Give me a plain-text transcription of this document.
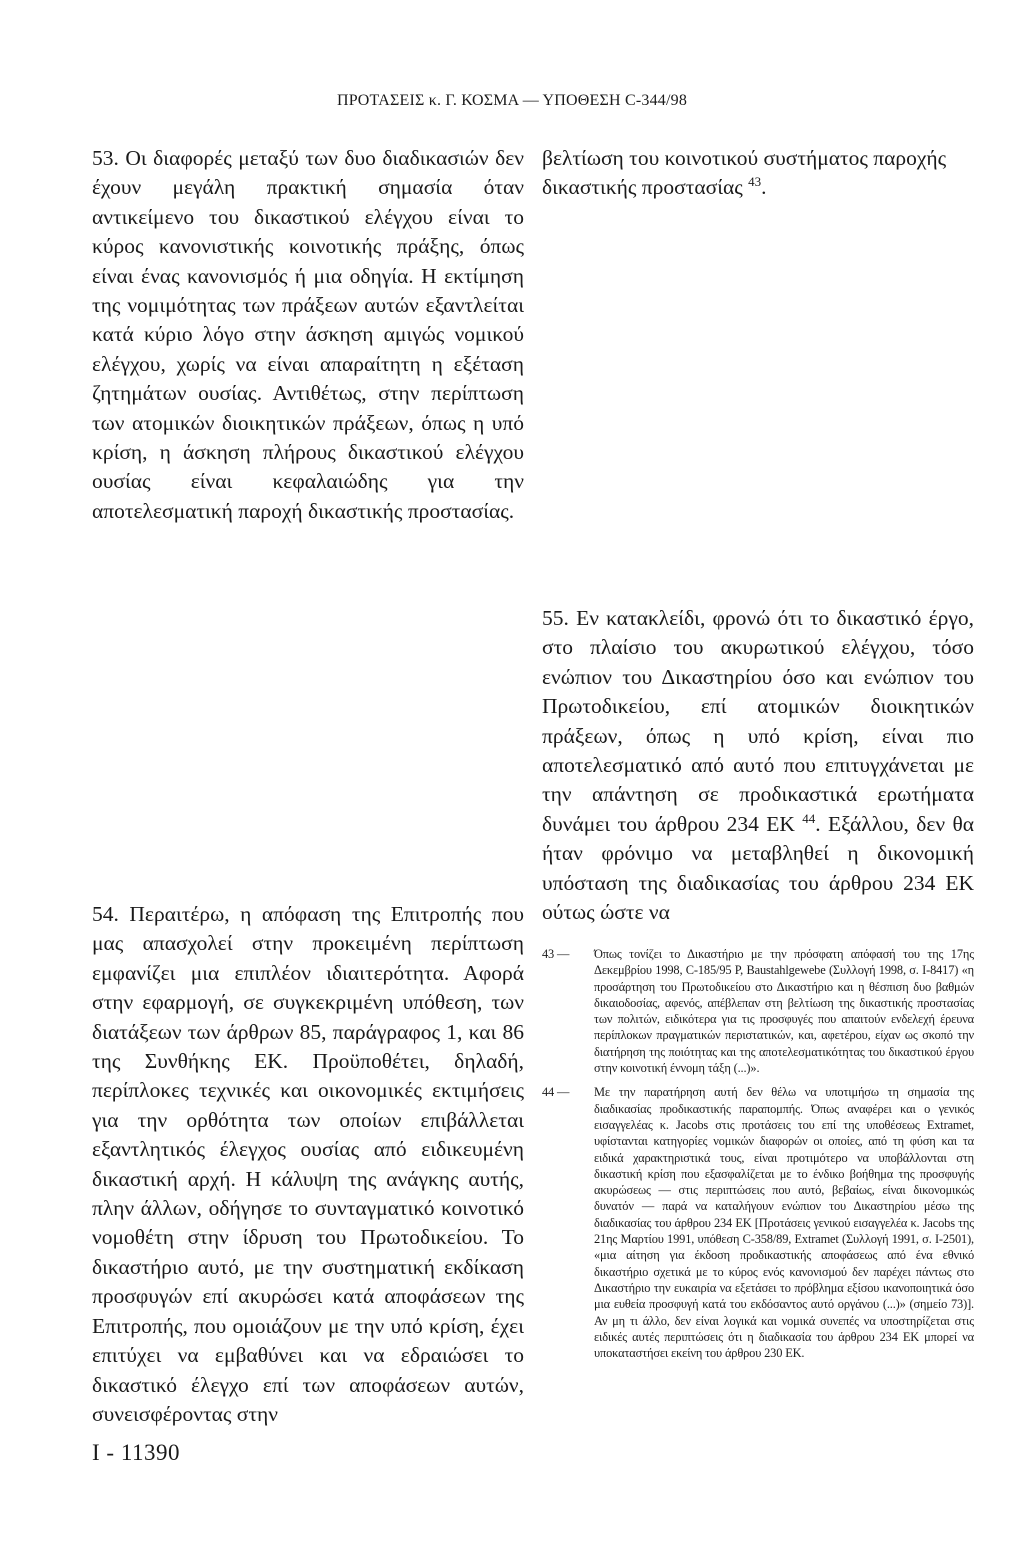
ΠΡΟΤΑΣΕΙΣ κ. Γ. ΚΟΣΜΑ — ΥΠΟΘΕΣΗ C-344/98

53. Οι διαφορές μεταξύ των δυο διαδικασιών δεν έχουν μεγάλη πρακτική σημασία όταν αντικείμενο του δικαστικού ελέγχου είναι το κύρος κανονιστικής κοινοτικής πράξης, όπως είναι ένας κανονισμός ή μια οδηγία. Η εκτίμηση της νομιμότητας των πράξεων αυτών εξαντλείται κατά κύριο λόγο στην άσκηση αμιγώς νομικού ελέγχου, χωρίς να είναι απαραίτητη η εξέταση ζητημάτων ουσίας. Αντιθέτως, στην περίπτωση των ατομικών διοικητικών πράξεων, όπως η υπό κρίση, η άσκηση πλήρους δικαστικού ελέγχου ουσίας είναι κεφαλαιώδης για την αποτελεσματική παροχή δικαστικής προστασίας.

54. Περαιτέρω, η απόφαση της Επιτροπής που μας απασχολεί στην προκειμένη περίπτωση εμφανίζει μια επιπλέον ιδιαιτερότητα. Αφορά στην εφαρμογή, σε συγκεκριμένη υπόθεση, των διατάξεων των άρθρων 85, παράγραφος 1, και 86 της Συνθήκης ΕΚ. Προϋποθέτει, δηλαδή, περίπλοκες τεχνικές και οικονομικές εκτιμήσεις για την ορθότητα των οποίων επιβάλλεται εξαντλητικός έλεγχος ουσίας από ειδικευμένη δικαστική αρχή. Η κάλυψη της ανάγκης αυτής, πλην άλλων, οδήγησε το συνταγματικό κοινοτικό νομοθέτη στην ίδρυση του Πρωτοδικείου. Το δικαστήριο αυτό, με την συστηματική εκδίκαση προσφυγών επί ακυρώσει κατά αποφάσεων της Επιτροπής, που ομοιάζουν με την υπό κρίση, έχει επιτύχει να εμβαθύνει και να εδραιώσει το δικαστικό έλεγχο επί των αποφάσεων αυτών, συνεισφέροντας στην

βελτίωση του κοινοτικού συστήματος παροχής δικαστικής προστασίας $^{43}$.

55. Εν κατακλείδι, φρονώ ότι το δικαστικό έργο, στο πλαίσιο του ακυρωτικού ελέγχου, τόσο ενώπιον του Δικαστηρίου όσο και ενώπιον του Πρωτοδικείου, επί ατομικών διοικητικών πράξεων, όπως η υπό κρίση, είναι πιο αποτελεσματικό από αυτό που επιτυγχάνεται με την απάντηση σε προδικαστικά ερωτήματα δυνάμει του άρθρου 234 ΕΚ $^{44}$. Εξάλλου, δεν θα ήταν φρόνιμο να μεταβληθεί η δικονομική υπόσταση της διαδικασίας του άρθρου 234 ΕΚ ούτως ώστε να

43 —	Όπως τονίζει το Δικαστήριο με την πρόσφατη απόφασή του της 17ης Δεκεμβρίου 1998, C-185/95 P, Baustahlgewebe (Συλλογή 1998, σ. I-8417) «η προσάρτηση του Πρωτοδικείου στο Δικαστήριο και η θέσπιση δυο βαθμών δικαιοδοσίας, αφενός, απέβλεπαν στη βελτίωση της δικαστικής προστασίας των πολιτών, ειδικότερα για τις προσφυγές που απαιτούν ενδελεχή έρευνα περίπλοκων πραγματικών περιστατικών, και, αφετέρου, είχαν ως σκοπό την διατήρηση της ποιότητας και της αποτελεσματικότητας του δικαστικού έργου στην κοινοτική έννομη τάξη (...)».
44 —	Με την παρατήρηση αυτή δεν θέλω να υποτιμήσω τη σημασία της διαδικασίας προδικαστικής παραπομπής. Όπως αναφέρει και ο γενικός εισαγγελέας κ. Jacobs στις προτάσεις του επί της υποθέσεως Extramet, υφίστανται κατηγορίες νομικών διαφορών οι οποίες, από τη φύση και τα ειδικά χαρακτηριστικά τους, είναι προτιμότερο να υποβάλλονται στη δικαστική κρίση που εξασφαλίζεται με το ένδικο βοήθημα της προσφυγής ακυρώσεως — στις περιπτώσεις που αυτό, βεβαίως, είναι δικονομικώς δυνατόν — παρά να καταλήγουν ενώπιον του Δικαστηρίου μέσω της διαδικασίας του άρθρου 234 ΕΚ [Προτάσεις γενικού εισαγγελέα κ. Jacobs της 21ης Μαρτίου 1991, υπόθεση C-358/89, Extramet (Συλλογή 1991, σ. I-2501), «μια αίτηση για έκδοση προδικαστικής αποφάσεως από ένα εθνικό δικαστήριο σχετικά με το κύρος ενός κανονισμού δεν παρέχει πάντως στο Δικαστήριο την ευκαιρία να εξετάσει το πρόβλημα εξίσου ικανοποιητικά όσο μια ευθεία προσφυγή κατά του εκδόσαντος αυτό οργάνου (...)» (σημείο 73)]. Αν μη τι άλλο, δεν είναι λογικά και νομικά συνεπές να υποστηρίζεται στις ειδικές αυτές περιπτώσεις ότι η διαδικασία του άρθρου 234 ΕΚ μπορεί να υποκαταστήσει εκείνη του άρθρου 230 ΕΚ.
I - 11390
